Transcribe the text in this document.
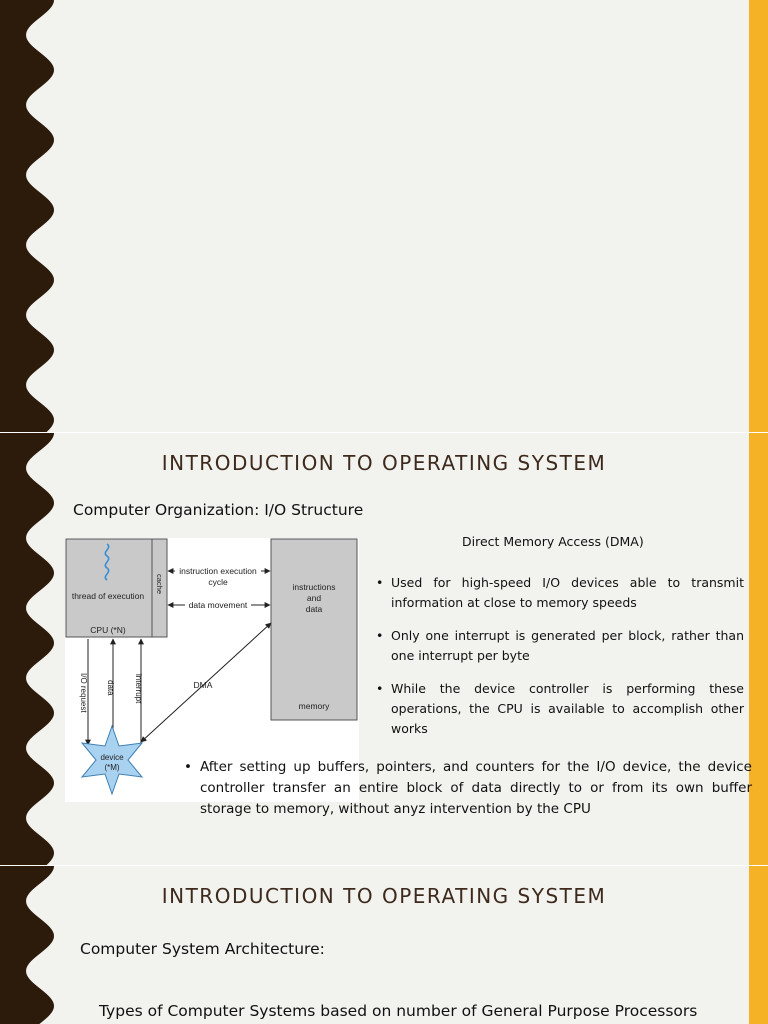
INTRODUCTION TO OPERATING SYSTEM
Computer Organization: I/O Structure
thread of execution
cache
CPU (*N)
instructions
and
data
memory
instruction execution
cycle
data movement
I/O request data interrupt	DMA
device
(*M)
Direct Memory Access (DMA)
• Used for high-speed I/O devices able to transmit information at close to memory speeds
• Only one interrupt is generated per block, rather than one interrupt per byte
• While the device controller is performing these operations, the CPU is available to accomplish other works
• After setting up buffers, pointers, and counters for the I/O device, the device controller transfer an entire block of data directly to or from its own buffer storage to memory, without anyz intervention by the CPU
INTRODUCTION TO OPERATING SYSTEM
Computer System Architecture:
Types of Computer Systems based on number of General Purpose Processors
